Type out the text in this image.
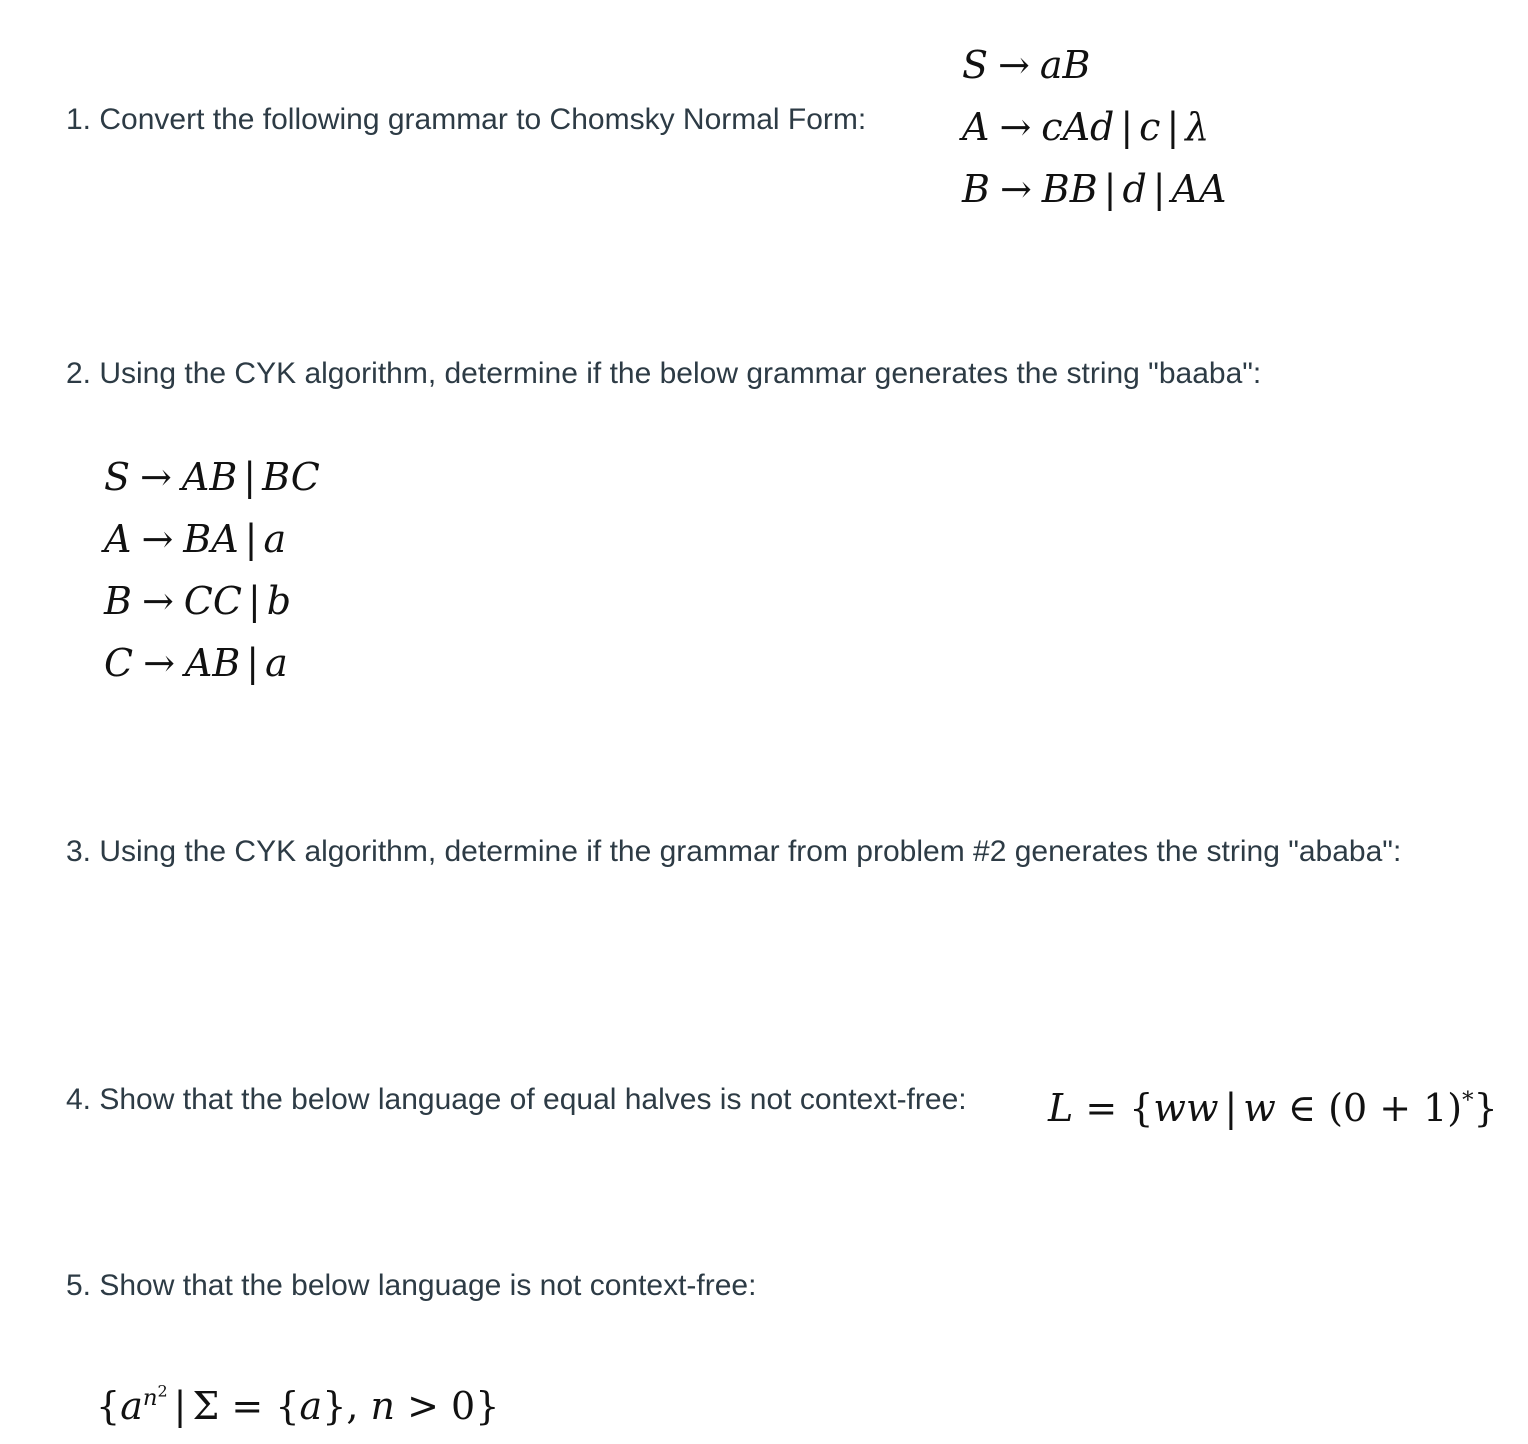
1. Convert the following grammar to Chomsky Normal Form:
S → aB
A → cAd | c | λ
B → BB | d | AA
2. Using the CYK algorithm, determine if the below grammar generates the string "baaba":
S → AB | BC
A → BA | a
B → CC | b
C → AB | a
3. Using the CYK algorithm, determine if the grammar from problem #2 generates the string "ababa":
4. Show that the below language of equal halves is not context-free: L = {ww | w ∈ (0 + 1)*}
5. Show that the below language is not context-free:
{$a^{n^2}$ | Σ = {a}, n > 0}
